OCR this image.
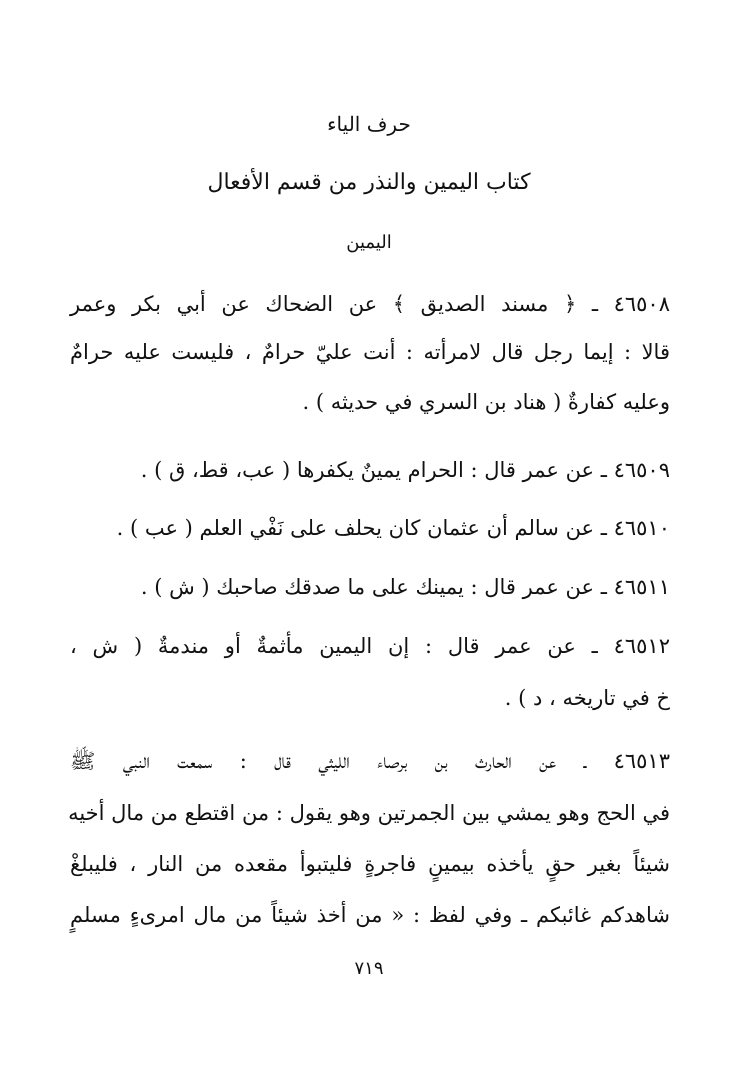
حرف الياء
كتاب اليمين والنذر من قسم الأفعال
اليمين
٤٦٥٠٨ ـ ﴿ مسند الصديق ﴾ عن الضحاك عن أبي بكر وعمر
قالا : إيما رجل قال لامرأته : أنت عليّ حرامٌ ، فليست عليه حرامٌ
وعليه كفارةٌ ( هناد بن السري في حديثه ) .
٤٦٥٠٩ ـ عن عمر قال : الحرام يمينٌ يكفرها ( عب، قط، ق ) .
٤٦٥١٠ ـ عن سالم أن عثمان كان يحلف على نَفْي العلم ( عب ) .
٤٦٥١١ ـ عن عمر قال : يمينك على ما صدقك صاحبك ( ش ) .
٤٦٥١٢ ـ عن عمر قال : إن اليمين مأثمةٌ أو مندمةٌ ( ش ،
خ في تاريخه ، د ) .
٤٦٥١٣ ـ عن الحارث بن برصاء الليثي قال : سمعت النبي ﷺ
في الحج وهو يمشي بين الجمرتين وهو يقول : من اقتطع من مال أخيه
شيئاً بغير حقٍ يأخذه بيمينٍ فاجرةٍ فليتبوأ مقعده من النار ، فليبلغْ
شاهدكم غائبكم ـ وفي لفظ : « من أخذ شيئاً من مال امرىءٍ مسلمٍ
٧١٩
